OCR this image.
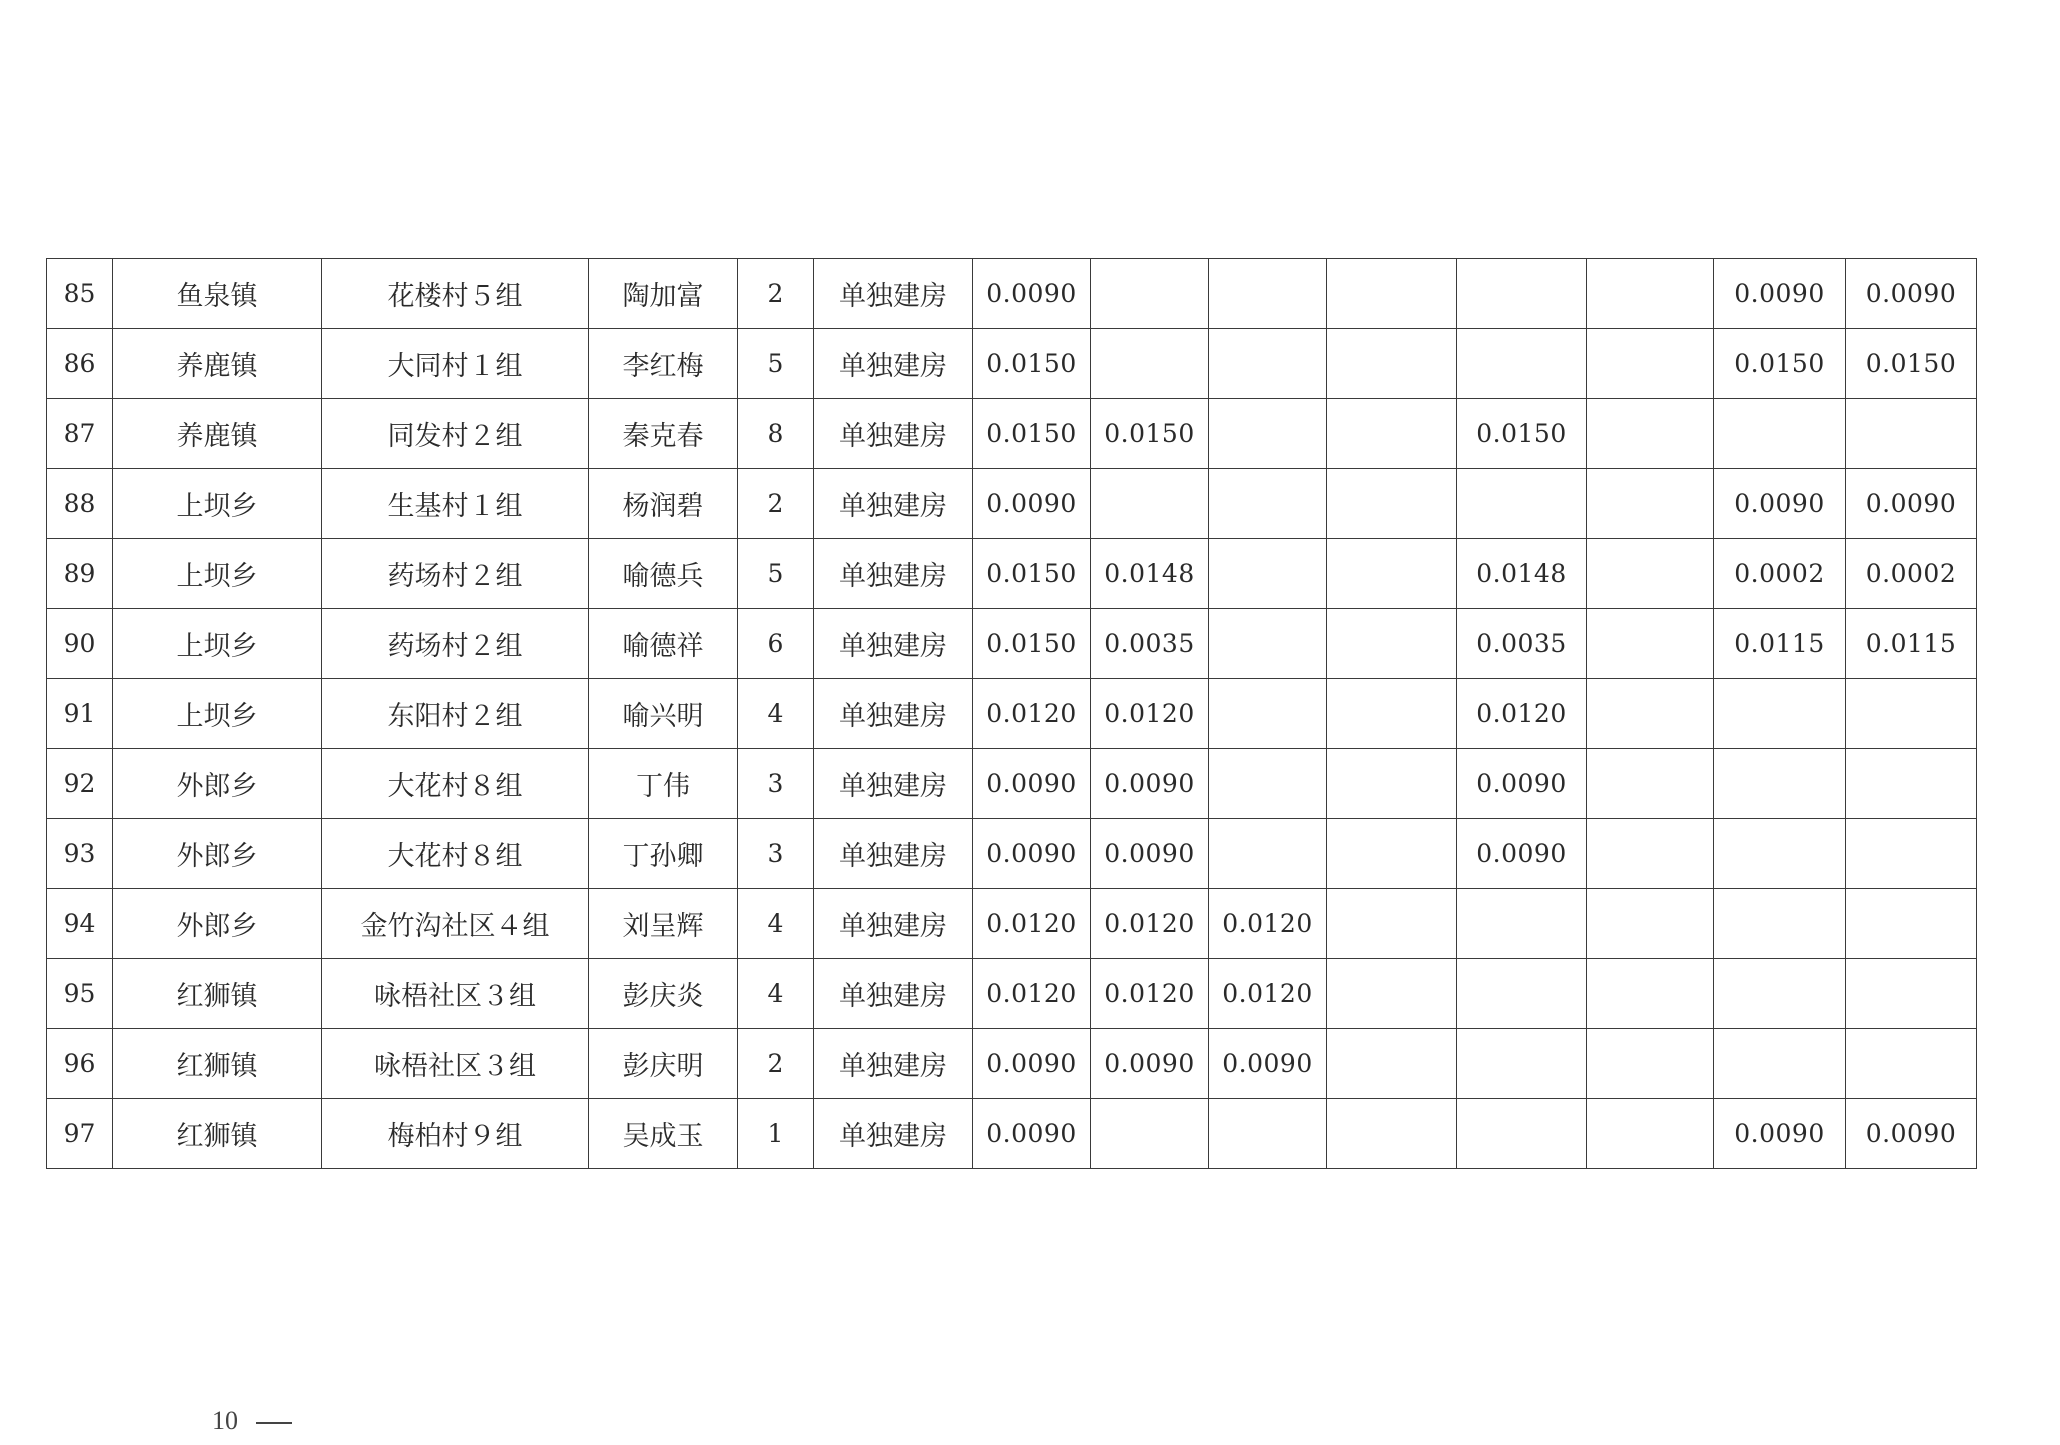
85	鱼泉镇	花楼村５组	陶加富	2	单独建房	0.0090						0.0090	0.0090
86	养鹿镇	大同村１组	李红梅	5	单独建房	0.0150						0.0150	0.0150
87	养鹿镇	同发村２组	秦克春	8	单独建房	0.0150	0.0150			0.0150			
88	上坝乡	生基村１组	杨润碧	2	单独建房	0.0090						0.0090	0.0090
89	上坝乡	药场村２组	喻德兵	5	单独建房	0.0150	0.0148			0.0148		0.0002	0.0002
90	上坝乡	药场村２组	喻德祥	6	单独建房	0.0150	0.0035			0.0035		0.0115	0.0115
91	上坝乡	东阳村２组	喻兴明	4	单独建房	0.0120	0.0120			0.0120			
92	外郎乡	大花村８组	丁伟	3	单独建房	0.0090	0.0090			0.0090			
93	外郎乡	大花村８组	丁孙卿	3	单独建房	0.0090	0.0090			0.0090			
94	外郎乡	金竹沟社区４组	刘呈辉	4	单独建房	0.0120	0.0120	0.0120					
95	红狮镇	咏梧社区３组	彭庆炎	4	单独建房	0.0120	0.0120	0.0120					
96	红狮镇	咏梧社区３组	彭庆明	2	单独建房	0.0090	0.0090	0.0090					
97	红狮镇	梅柏村９组	吴成玉	1	单独建房	0.0090						0.0090	0.0090
10
